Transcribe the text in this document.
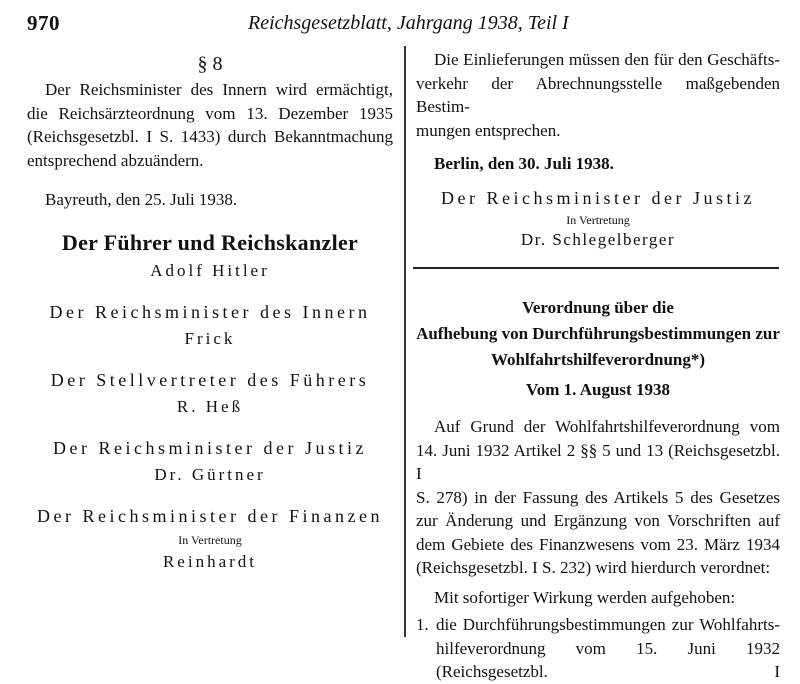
970	Reichsgesetzblatt, Jahrgang 1938, Teil I
§ 8
Der Reichsminister des Innern wird ermächtigt,
die Reichsärzteordnung vom 13. Dezember 1935
(Reichsgesetzbl. I S. 1433) durch Bekanntmachung
entsprechend abzuändern.
Bayreuth, den 25. Juli 1938.
Der Führer und Reichskanzler
Adolf Hitler
Der Reichsminister des Innern
Frick
Der Stellvertreter des Führers
R. Heß
Der Reichsminister der Justiz
Dr. Gürtner
Der Reichsminister der Finanzen
In Vertretung
Reinhardt
Die Einlieferungen müssen den für den Geschäfts-
verkehr der Abrechnungsstelle maßgebenden Bestim-
mungen entsprechen.
Berlin, den 30. Juli 1938.
Der Reichsminister der Justiz
In Vertretung
Dr. Schlegelberger
Verordnung über die
Aufhebung von Durchführungsbestimmungen zur
Wohlfahrtshilfeverordnung*)
Vom 1. August 1938
Auf Grund der Wohlfahrtshilfeverordnung vom
14. Juni 1932 Artikel 2 §§ 5 und 13 (Reichsgesetzbl. I
S. 278) in der Fassung des Artikels 5 des Gesetzes
zur Änderung und Ergänzung von Vorschriften auf
dem Gebiete des Finanzwesens vom 23. März 1934
(Reichsgesetzbl. I S. 232) wird hierdurch verordnet:
Mit sofortiger Wirkung werden aufgehoben:
1. die Durchführungsbestimmungen zur Wohlfahrts-
hilfeverordnung vom 15. Juni 1932 (Reichsgesetzbl. I
